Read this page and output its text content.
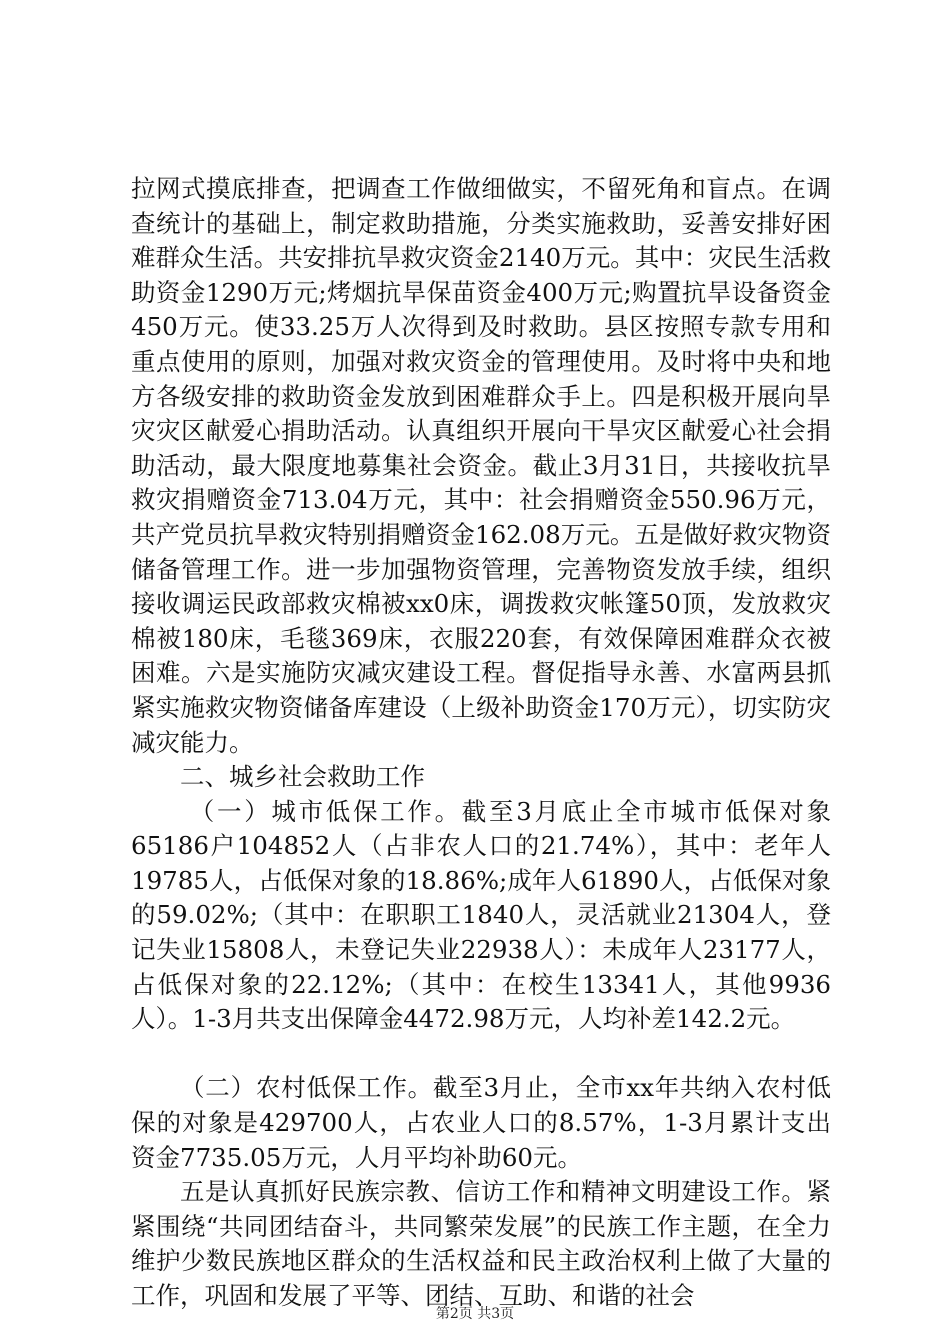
拉网式摸底排查，把调查工作做细做实，不留死角和盲点。在调查统计的基础上，制定救助措施，分类实施救助，妥善安排好困难群众生活。共安排抗旱救灾资金2140万元。其中：灾民生活救助资金1290万元;烤烟抗旱保苗资金400万元;购置抗旱设备资金450万元。使33.25万人次得到及时救助。县区按照专款专用和重点使用的原则，加强对救灾资金的管理使用。及时将中央和地方各级安排的救助资金发放到困难群众手上。四是积极开展向旱灾灾区献爱心捐助活动。认真组织开展向干旱灾区献爱心社会捐助活动，最大限度地募集社会资金。截止3月31日，共接收抗旱救灾捐赠资金713.04万元，其中：社会捐赠资金550.96万元，共产党员抗旱救灾特别捐赠资金162.08万元。五是做好救灾物资储备管理工作。进一步加强物资管理，完善物资发放手续，组织接收调运民政部救灾棉被xx0床，调拨救灾帐篷50顶，发放救灾棉被180床，毛毯369床，衣服220套，有效保障困难群众衣被困难。六是实施防灾减灾建设工程。督促指导永善、水富两县抓紧实施救灾物资储备库建设（上级补助资金170万元），切实防灾减灾能力。

二、城乡社会救助工作

（一）城市低保工作。截至3月底止全市城市低保对象65186户104852人（占非农人口的21.74%），其中：老年人19785人，占低保对象的18.86%;成年人61890人，占低保对象的59.02%;（其中：在职职工1840人，灵活就业21304人，登记失业15808人，未登记失业22938人）：未成年人23177人，占低保对象的22.12%;（其中：在校生13341人，其他9936人）。1-3月共支出保障金4472.98万元，人均补差142.2元。

（二）农村低保工作。截至3月止，全市xx年共纳入农村低保的对象是429700人，占农业人口的8.57%，1-3月累计支出资金7735.05万元，人月平均补助60元。

五是认真抓好民族宗教、信访工作和精神文明建设工作。紧紧围绕“共同团结奋斗，共同繁荣发展”的民族工作主题，在全力维护少数民族地区群众的生活权益和民主政治权利上做了大量的工作，巩固和发展了平等、团结、互助、和谐的社会

第2页 共3页
